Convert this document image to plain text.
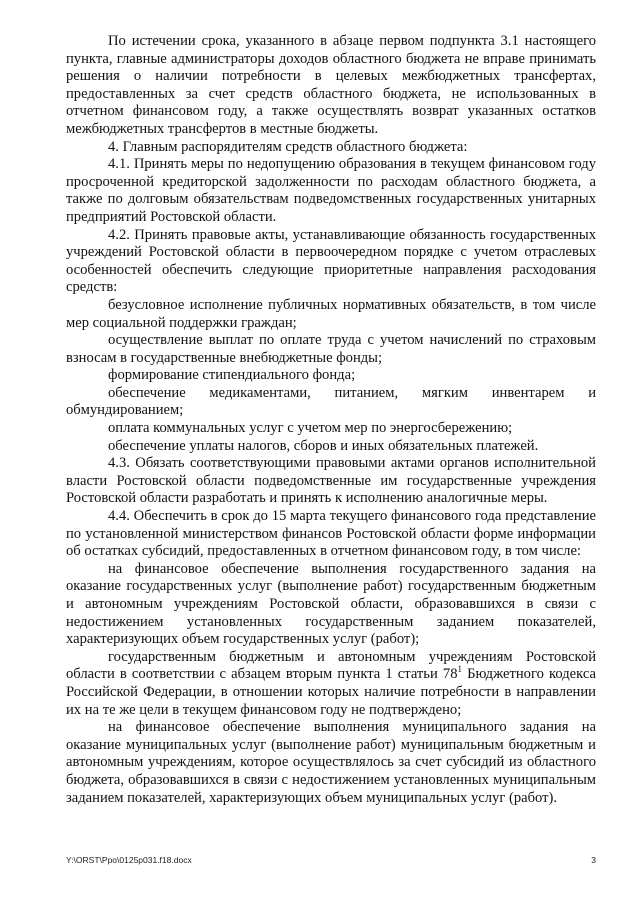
По истечении срока, указанного в абзаце первом подпункта 3.1 настоящего пункта, главные администраторы доходов областного бюджета не вправе принимать решения о наличии потребности в целевых межбюджетных трансфертах, предоставленных за счет средств областного бюджета, не использованных в отчетном финансовом году, а также осуществлять возврат указанных остатков межбюджетных трансфертов в местные бюджеты.

4. Главным распорядителям средств областного бюджета:

4.1. Принять меры по недопущению образования в текущем финансовом году просроченной кредиторской задолженности по расходам областного бюджета, а также по долговым обязательствам подведомственных государственных унитарных предприятий Ростовской области.

4.2. Принять правовые акты, устанавливающие обязанность государственных учреждений Ростовской области в первоочередном порядке с учетом отраслевых особенностей обеспечить следующие приоритетные направления расходования средств:

безусловное исполнение публичных нормативных обязательств, в том числе мер социальной поддержки граждан;

осуществление выплат по оплате труда с учетом начислений по страховым взносам в государственные внебюджетные фонды;

формирование стипендиального фонда;

обеспечение медикаментами, питанием, мягким инвентарем и обмундированием;

оплата коммунальных услуг с учетом мер по энергосбережению;

обеспечение уплаты налогов, сборов и иных обязательных платежей.

4.3. Обязать соответствующими правовыми актами органов исполнительной власти Ростовской области подведомственные им государственные учреждения Ростовской области разработать и принять к исполнению аналогичные меры.

4.4. Обеспечить в срок до 15 марта текущего финансового года представление по установленной министерством финансов Ростовской области форме информации об остатках субсидий, предоставленных в отчетном финансовом году, в том числе:

на финансовое обеспечение выполнения государственного задания на оказание государственных услуг (выполнение работ) государственным бюджетным и автономным учреждениям Ростовской области, образовавшихся в связи с недостижением установленных государственным заданием показателей, характеризующих объем государственных услуг (работ);

государственным бюджетным и автономным учреждениям Ростовской области в соответствии с абзацем вторым пункта 1 статьи $78^1$ Бюджетного кодекса Российской Федерации, в отношении которых наличие потребности в направлении их на те же цели в текущем финансовом году не подтверждено;

на финансовое обеспечение выполнения муниципального задания на оказание муниципальных услуг (выполнение работ) муниципальным бюджетным и автономным учреждениям, которое осуществлялось за счет субсидий из областного бюджета, образовавшихся в связи с недостижением установленных муниципальным заданием показателей, характеризующих объем муниципальных услуг (работ).

Y:\ORST\Ppo\0125p031.f18.docx	3
